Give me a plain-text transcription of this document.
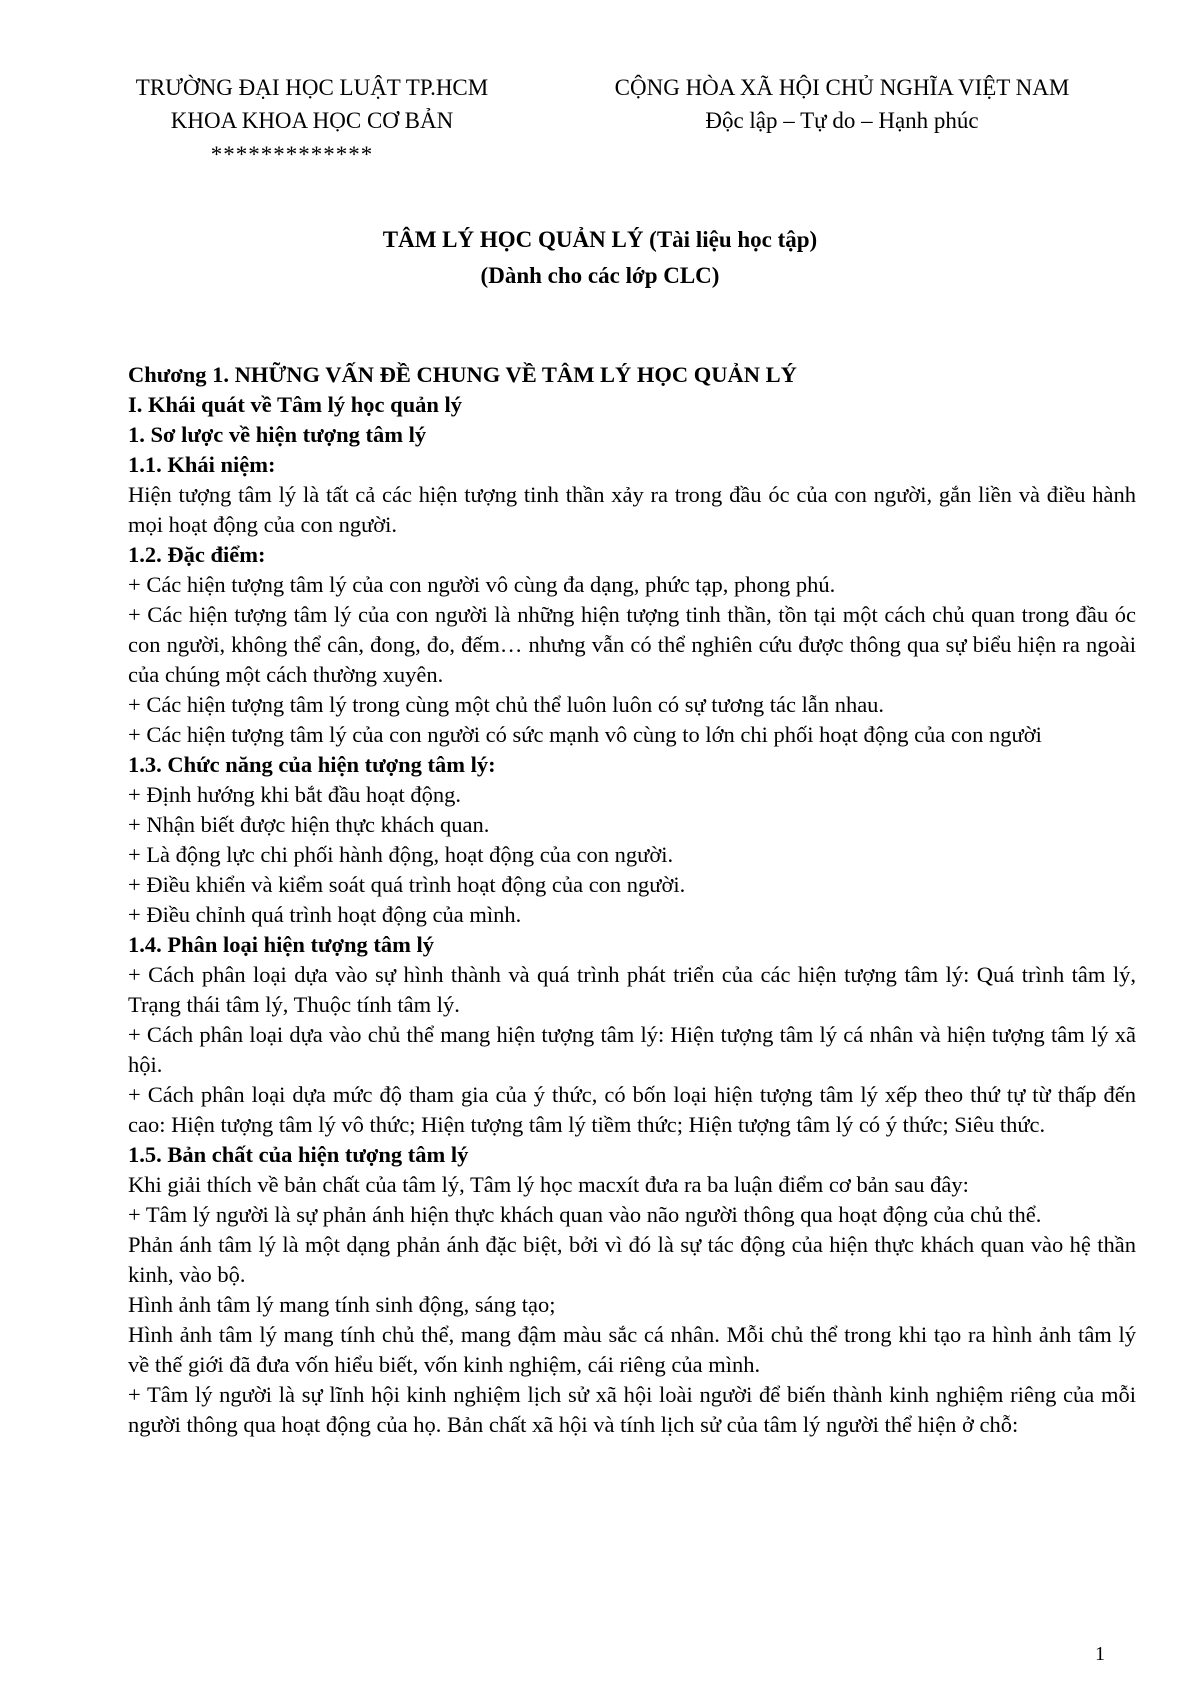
TRƯỜNG ĐẠI HỌC LUẬT TP.HCM
KHOA KHOA HỌC CƠ BẢN
*************
CỘNG HÒA XÃ HỘI CHỦ NGHĨA VIỆT NAM
Độc lập – Tự do – Hạnh phúc
TÂM LÝ HỌC QUẢN LÝ (Tài liệu học tập)
(Dành cho các lớp CLC)
Chương 1. NHỮNG VẤN ĐỀ CHUNG VỀ TÂM LÝ HỌC QUẢN LÝ
I. Khái quát về Tâm lý học quản lý
1. Sơ lược về hiện tượng tâm lý
1.1. Khái niệm:

Hiện tượng tâm lý là tất cả các hiện tượng tinh thần xảy ra trong đầu óc của con người, gắn liền và điều hành mọi hoạt động của con người.

1.2. Đặc điểm:

+ Các hiện tượng tâm lý của con người vô cùng đa dạng, phức tạp, phong phú.

+ Các hiện tượng tâm lý của con người là những hiện tượng tinh thần, tồn tại một cách chủ quan trong đầu óc con người, không thể cân, đong, đo, đếm… nhưng vẫn có thể nghiên cứu được thông qua sự biểu hiện ra ngoài của chúng một cách thường xuyên.

+ Các hiện tượng tâm lý trong cùng một chủ thể luôn luôn có sự tương tác lẫn nhau.

+ Các hiện tượng tâm lý của con người có sức mạnh vô cùng to lớn chi phối hoạt động của con người

1.3. Chức năng của hiện tượng tâm lý:

+ Định hướng khi bắt đầu hoạt động.

+ Nhận biết được hiện thực khách quan.

+ Là động lực chi phối hành động, hoạt động của con người.

+ Điều khiển và kiểm soát quá trình hoạt động của con người.

+ Điều chỉnh quá trình hoạt động của mình.

1.4. Phân loại hiện tượng tâm lý

+ Cách phân loại dựa vào sự hình thành và quá trình phát triển của các hiện tượng tâm lý: Quá trình tâm lý, Trạng thái tâm lý, Thuộc tính tâm lý.

+ Cách phân loại dựa vào chủ thể mang hiện tượng tâm lý: Hiện tượng tâm lý cá nhân và hiện tượng tâm lý xã hội.

+ Cách phân loại dựa mức độ tham gia của ý thức, có bốn loại hiện tượng tâm lý xếp theo thứ tự từ thấp đến cao: Hiện tượng tâm lý vô thức; Hiện tượng tâm lý tiềm thức; Hiện tượng tâm lý có ý thức; Siêu thức.

1.5. Bản chất của hiện tượng tâm lý

Khi giải thích về bản chất của tâm lý, Tâm lý học macxít đưa ra ba luận điểm cơ bản sau đây:

+ Tâm lý người là sự phản ánh hiện thực khách quan vào não người thông qua hoạt động của chủ thể.

Phản ánh tâm lý là một dạng phản ánh đặc biệt, bởi vì đó là sự tác động của hiện thực khách quan vào hệ thần kinh, vào bộ.

Hình ảnh tâm lý mang tính sinh động, sáng tạo;

Hình ảnh tâm lý mang tính chủ thể, mang đậm màu sắc cá nhân. Mỗi chủ thể trong khi tạo ra hình ảnh tâm lý về thế giới đã đưa vốn hiểu biết, vốn kinh nghiệm, cái riêng của mình.

+ Tâm lý người là sự lĩnh hội kinh nghiệm lịch sử xã hội loài người để biến thành kinh nghiệm riêng của mỗi người thông qua hoạt động của họ. Bản chất xã hội và tính lịch sử của tâm lý người thể hiện ở chỗ:

1
